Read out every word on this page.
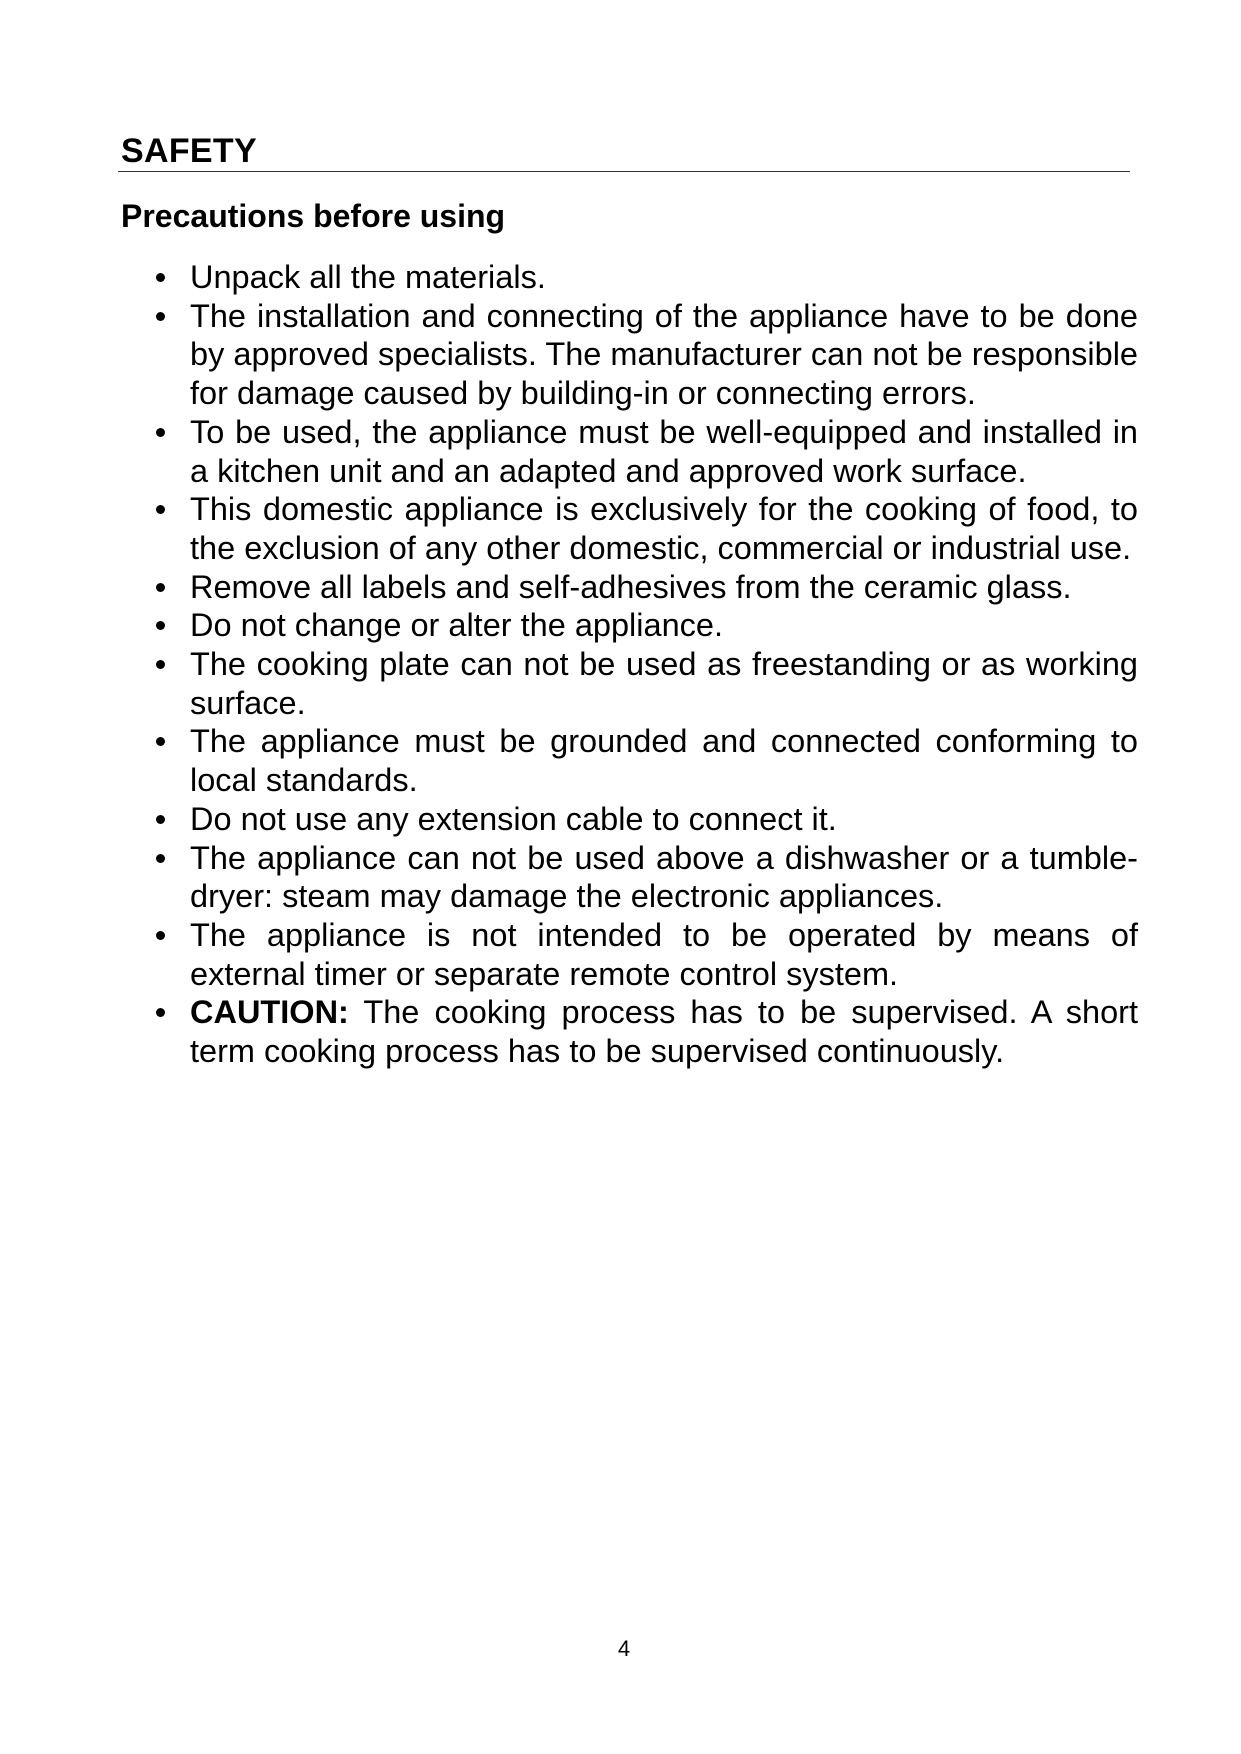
SAFETY
Precautions before using
Unpack all the materials.
The installation and connecting of the appliance have to be done by approved specialists. The manufacturer can not be responsible for damage caused by building-in or connecting errors.
To be used, the appliance must be well-equipped and installed in a kitchen unit and an adapted and approved work surface.
This domestic appliance is exclusively for the cooking of food, to the exclusion of any other domestic, commercial or industrial use.
Remove all labels and self-adhesives from the ceramic glass.
Do not change or alter the appliance.
The cooking plate can not be used as freestanding or as working surface.
The appliance must be grounded and connected conforming to local standards.
Do not use any extension cable to connect it.
The appliance can not be used above a dishwasher or a tumble-dryer: steam may damage the electronic appliances.
The appliance is not intended to be operated by means of external timer or separate remote control system.
CAUTION: The cooking process has to be supervised. A short term cooking process has to be supervised continuously.
4
